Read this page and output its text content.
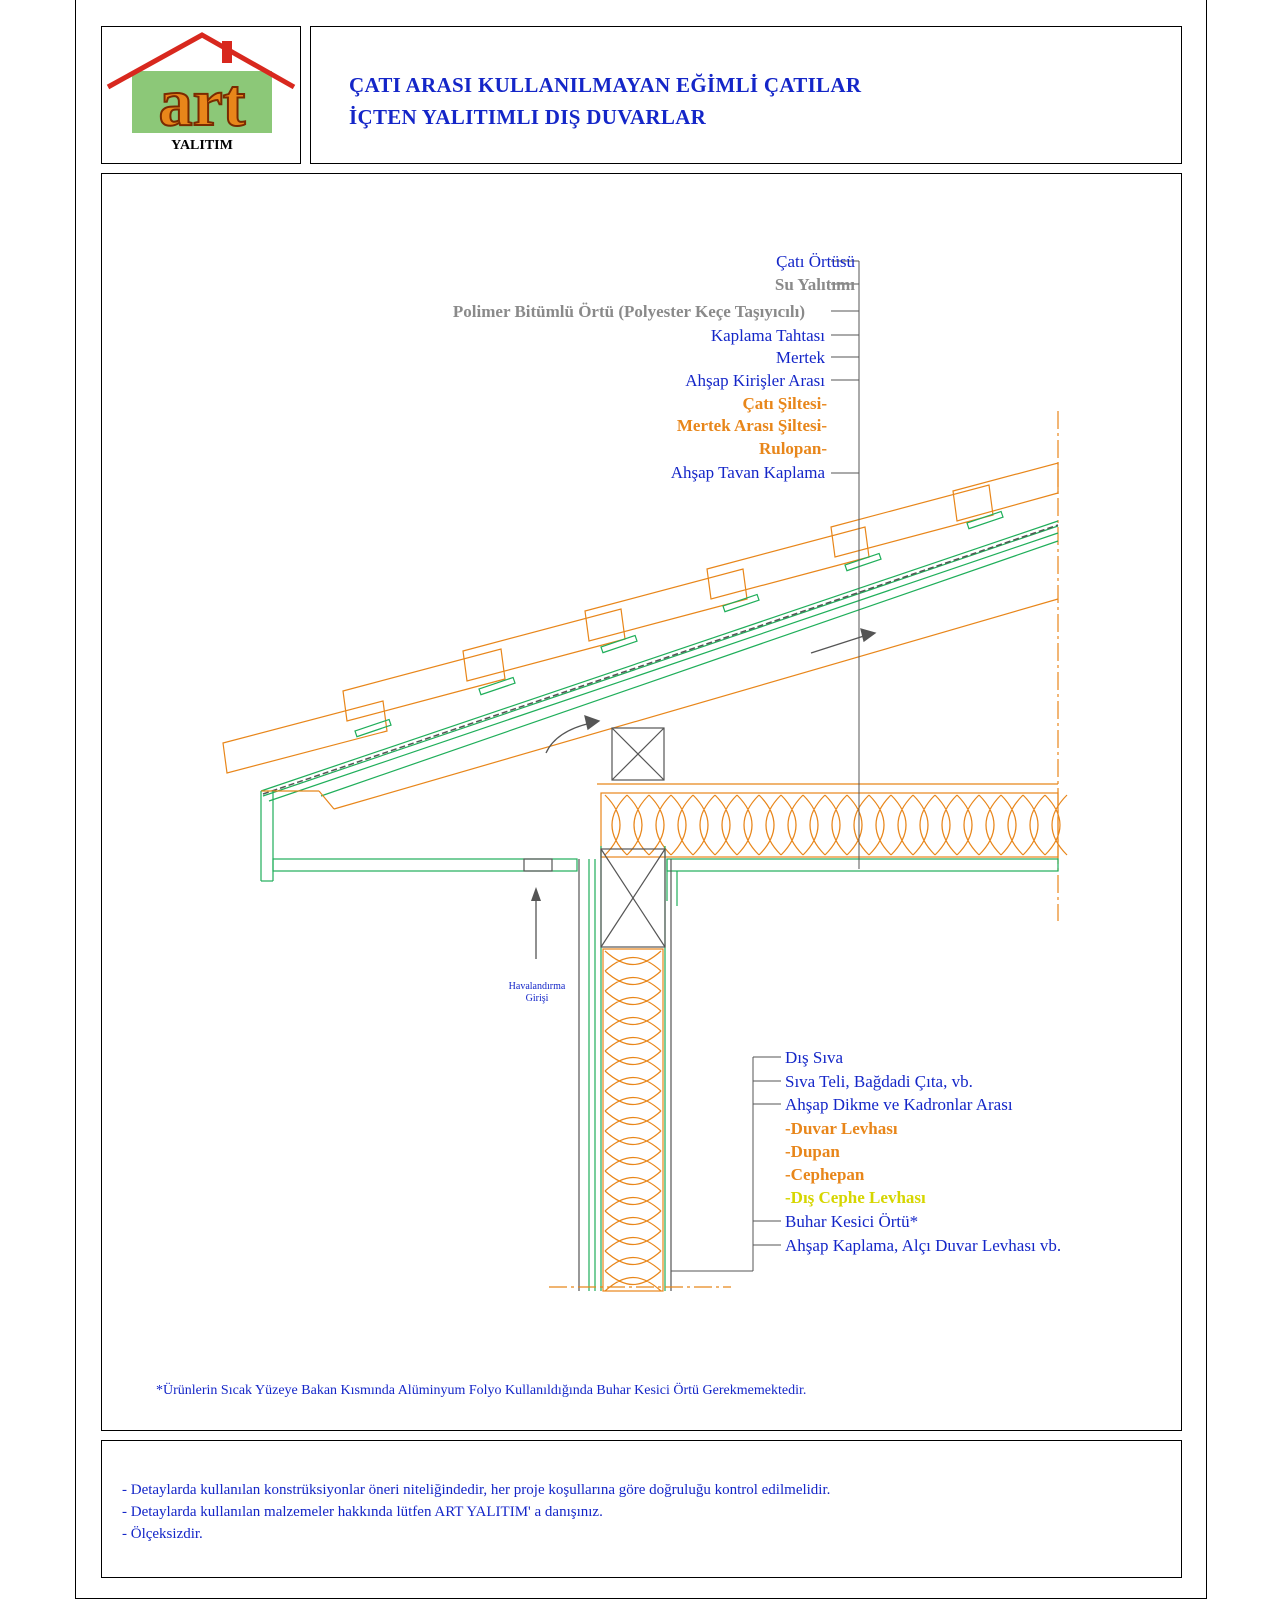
art
YALITIM
ÇATI ARASI KULLANILMAYAN EĞİMLİ ÇATILAR
İÇTEN YALITIMLI DIŞ DUVARLAR
Havalandırma
Girişi
Çatı Örtüsü
Su Yalıtımı
Polimer Bitümlü Örtü (Polyester Keçe Taşıyıcılı)
Kaplama Tahtası
Mertek
Ahşap Kirişler Arası
Çatı Şiltesi-
Mertek Arası Şiltesi-
Rulopan-
Ahşap Tavan Kaplama
Dış Sıva
Sıva Teli, Bağdadi Çıta, vb.
Ahşap Dikme ve Kadronlar Arası
-Duvar Levhası
-Dupan
-Cephepan
-Dış Cephe Levhası
Buhar Kesici Örtü*
Ahşap Kaplama, Alçı Duvar Levhası vb.
*Ürünlerin Sıcak Yüzeye Bakan Kısmında Alüminyum Folyo Kullanıldığında Buhar Kesici Örtü Gerekmemektedir.
- Detaylarda kullanılan konstrüksiyonlar öneri niteliğindedir, her proje koşullarına göre doğruluğu kontrol edilmelidir.
- Detaylarda kullanılan malzemeler hakkında lütfen ART YALITIM' a danışınız.
- Ölçeksizdir.
